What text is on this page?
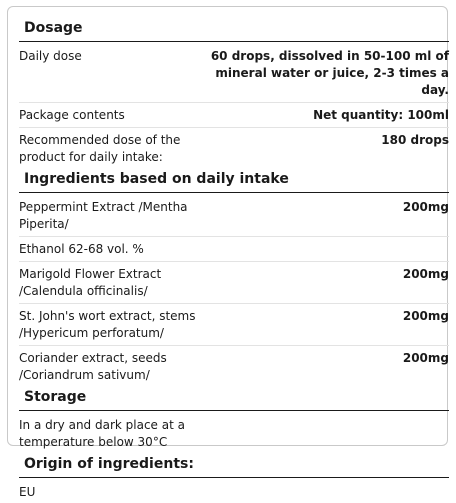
Dosage
Daily dose	60 drops, dissolved in 50-100 ml of
mineral water or juice, 2-3 times a day.
Package contents	Net quantity: 100ml
Recommended dose of the
product for daily intake:
180 drops
Ingredients based on daily intake
Peppermint Extract /Mentha
Piperita/
200mg
Ethanol 62-68 vol. %
Marigold Flower Extract
/Calendula officinalis/
200mg
St. John's wort extract, stems
/Hypericum perforatum/
200mg
Coriander extract, seeds
/Coriandrum sativum/
200mg
Storage
In a dry and dark place at a
temperature below 30°C
Origin of ingredients:
EU
